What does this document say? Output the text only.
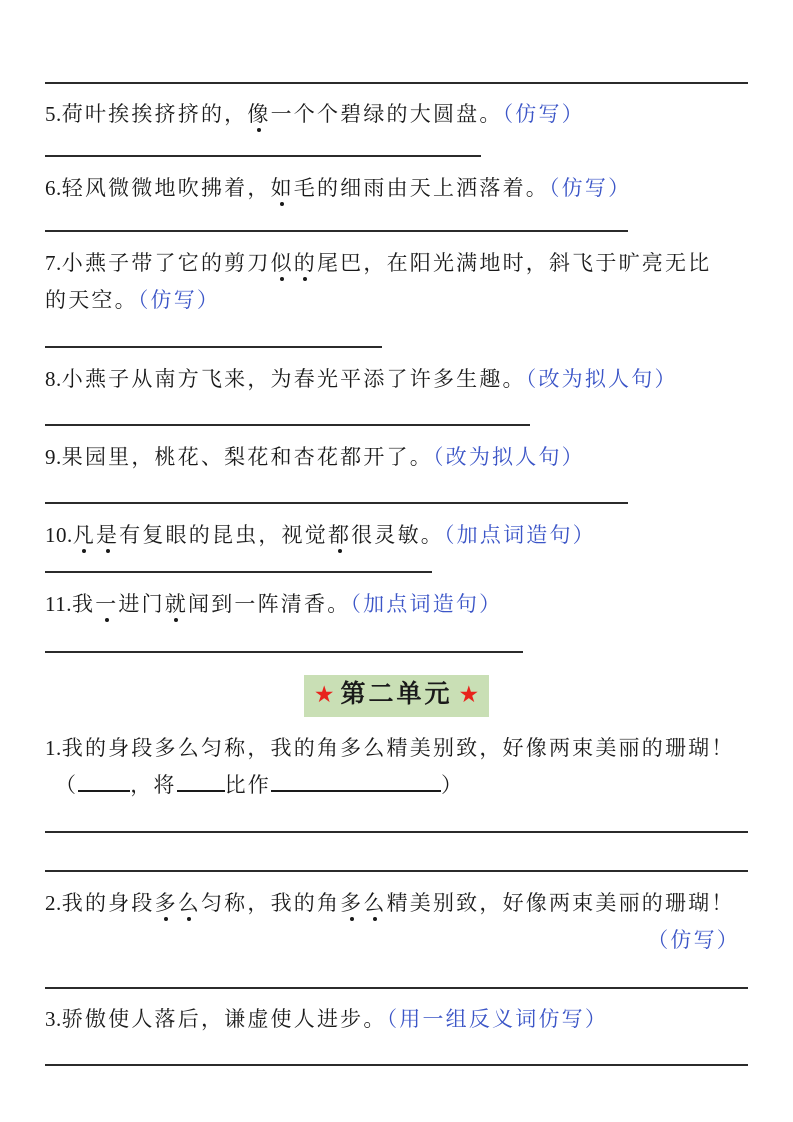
5.荷叶挨挨挤挤的，像一个个碧绿的大圆盘。（仿写）
6.轻风微微地吹拂着，如毛的细雨由天上洒落着。（仿写）
7.小燕子带了它的剪刀似的尾巴，在阳光满地时，斜飞于旷亮无比
的天空。（仿写）
8.小燕子从南方飞来，为春光平添了许多生趣。（改为拟人句）
9.果园里，桃花、梨花和杏花都开了。（改为拟人句）
10.凡是有复眼的昆虫，视觉都很灵敏。（加点词造句）
11.我一进门就闻到一阵清香。（加点词造句）
★ 第二单元 ★
1.我的身段多么匀称，我的角多么精美别致，好像两束美丽的珊瑚！
（ ，将 比作	）
2.我的身段多么匀称，我的角多么精美别致，好像两束美丽的珊瑚！
（仿写）
3.骄傲使人落后，谦虚使人进步。（用一组反义词仿写）
